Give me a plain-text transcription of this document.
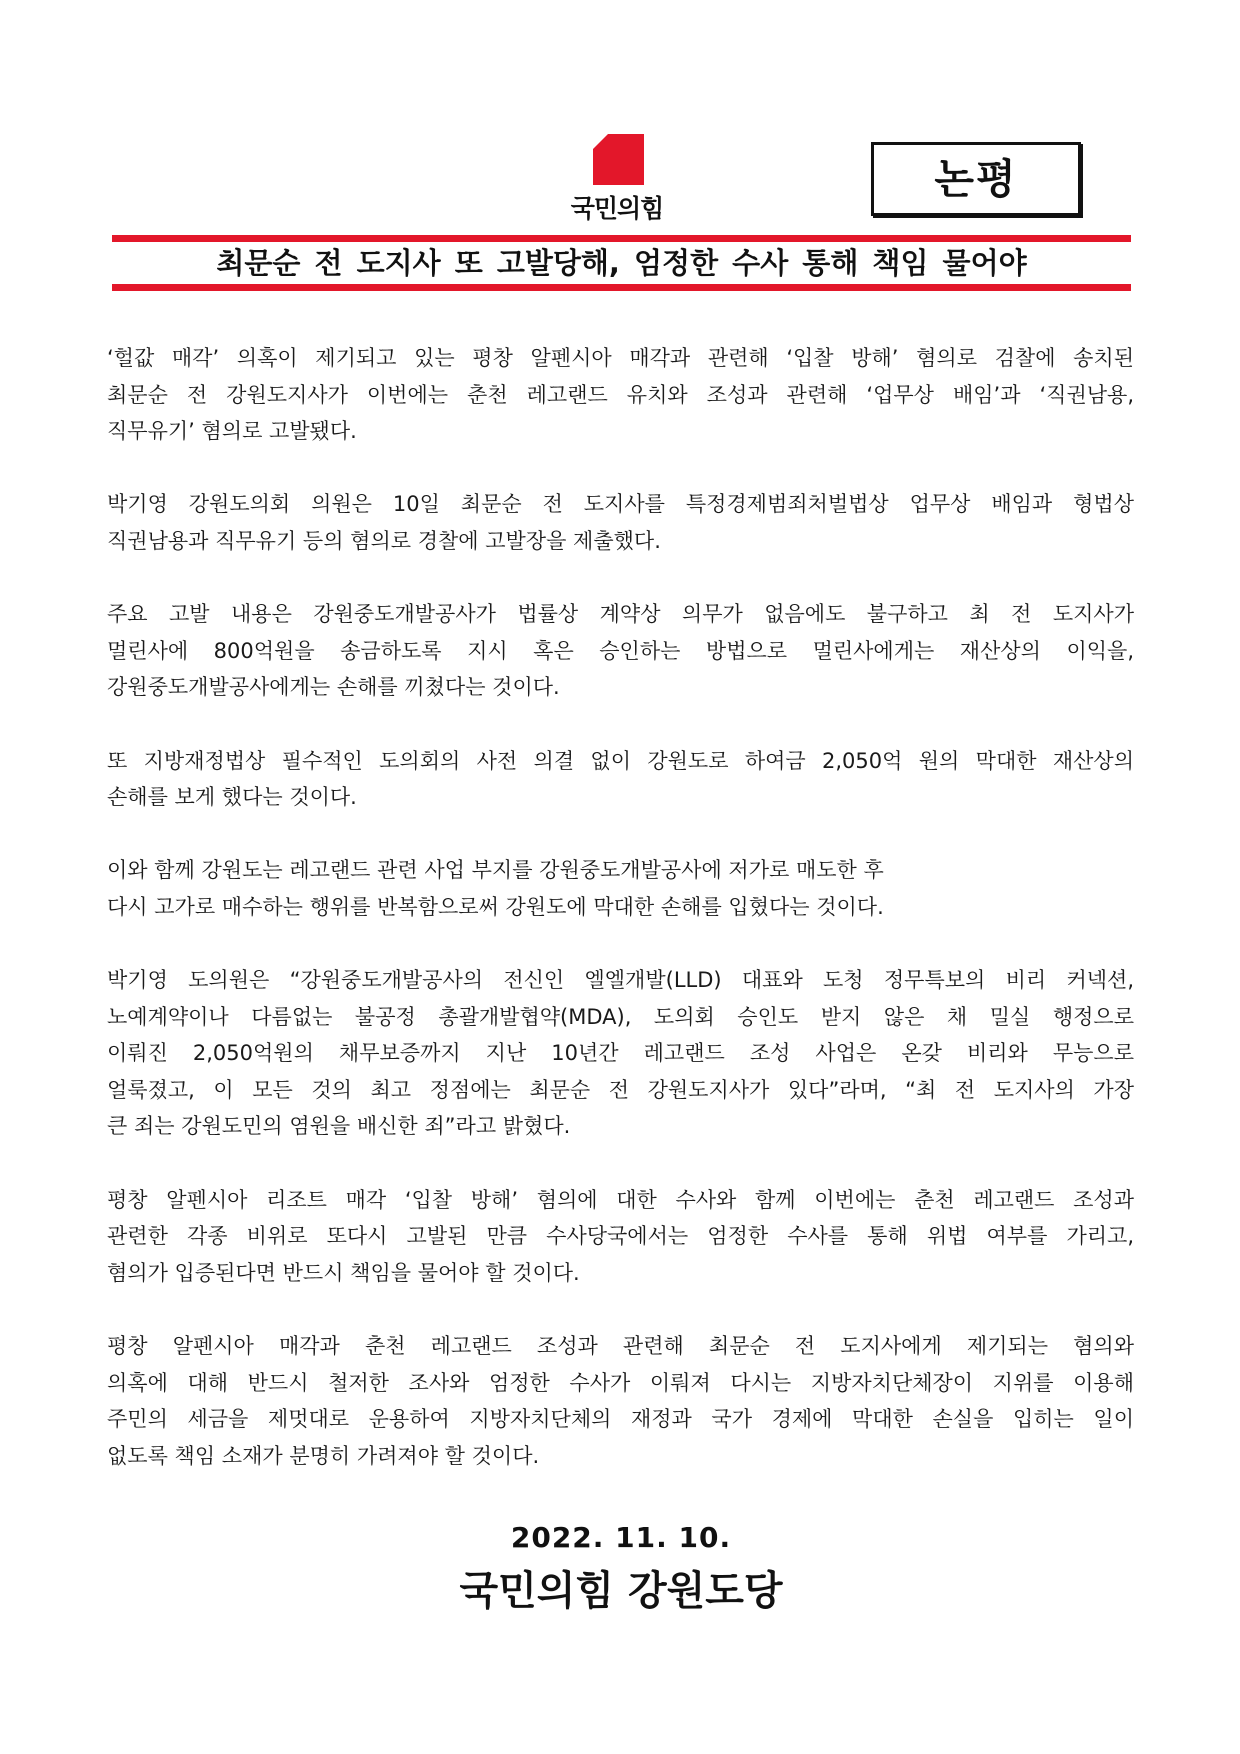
국민의힘
논평
최문순 전 도지사 또 고발당해, 엄정한 수사 통해 책임 물어야
‘헐값 매각’ 의혹이 제기되고 있는 평창 알펜시아 매각과 관련해 ‘입찰 방해’ 혐의로 검찰에 송치된
최문순 전 강원도지사가 이번에는 춘천 레고랜드 유치와 조성과 관련해 ‘업무상 배임’과 ‘직권남용,
직무유기’ 혐의로 고발됐다.
박기영 강원도의회 의원은 10일 최문순 전 도지사를 특정경제범죄처벌법상 업무상 배임과 형법상
직권남용과 직무유기 등의 혐의로 경찰에 고발장을 제출했다.
주요 고발 내용은 강원중도개발공사가 법률상 계약상 의무가 없음에도 불구하고 최 전 도지사가
멀린사에 800억원을 송금하도록 지시 혹은 승인하는 방법으로 멀린사에게는 재산상의 이익을,
강원중도개발공사에게는 손해를 끼쳤다는 것이다.
또 지방재정법상 필수적인 도의회의 사전 의결 없이 강원도로 하여금 2,050억 원의 막대한 재산상의
손해를 보게 했다는 것이다.
이와 함께 강원도는 레고랜드 관련 사업 부지를 강원중도개발공사에 저가로 매도한 후
다시 고가로 매수하는 행위를 반복함으로써 강원도에 막대한 손해를 입혔다는 것이다.
박기영 도의원은 “강원중도개발공사의 전신인 엘엘개발(LLD) 대표와 도청 정무특보의 비리 커넥션,
노예계약이나 다름없는 불공정 총괄개발협약(MDA), 도의회 승인도 받지 않은 채 밀실 행정으로
이뤄진 2,050억원의 채무보증까지 지난 10년간 레고랜드 조성 사업은 온갖 비리와 무능으로
얼룩졌고, 이 모든 것의 최고 정점에는 최문순 전 강원도지사가 있다”라며, “최 전 도지사의 가장
큰 죄는 강원도민의 염원을 배신한 죄”라고 밝혔다.
평창 알펜시아 리조트 매각 ‘입찰 방해’ 혐의에 대한 수사와 함께 이번에는 춘천 레고랜드 조성과
관련한 각종 비위로 또다시 고발된 만큼 수사당국에서는 엄정한 수사를 통해 위법 여부를 가리고,
혐의가 입증된다면 반드시 책임을 물어야 할 것이다.
평창 알펜시아 매각과 춘천 레고랜드 조성과 관련해 최문순 전 도지사에게 제기되는 혐의와
의혹에 대해 반드시 철저한 조사와 엄정한 수사가 이뤄져 다시는 지방자치단체장이 지위를 이용해
주민의 세금을 제멋대로 운용하여 지방자치단체의 재정과 국가 경제에 막대한 손실을 입히는 일이
없도록 책임 소재가 분명히 가려져야 할 것이다.
2022. 11. 10.
국민의힘 강원도당
